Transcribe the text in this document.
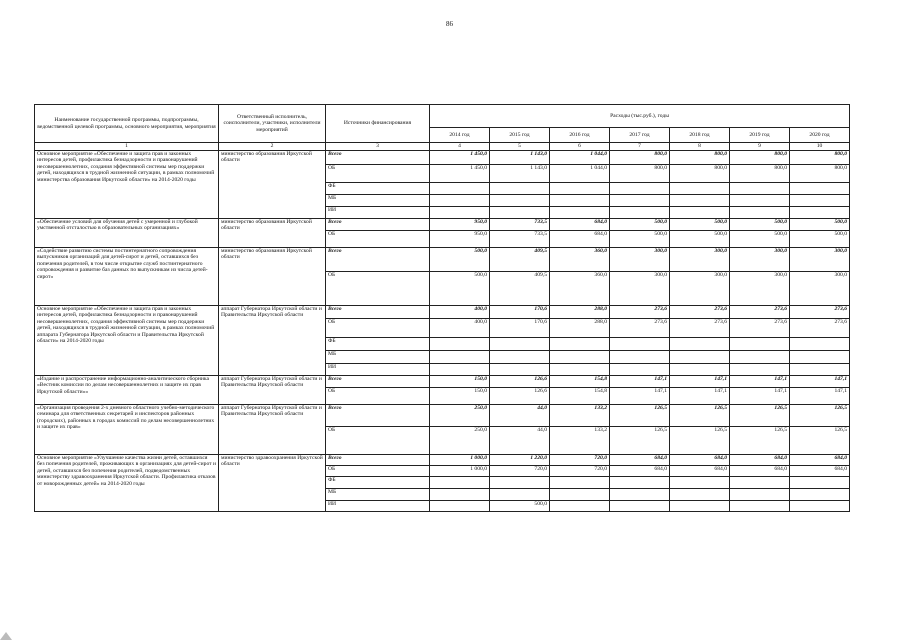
86
Наименование государственной программы, подпрограммы, ведомственной целевой программы, основного мероприятия, мероприятия	Ответственный исполнитель, соисполнители, участники, исполнители мероприятий	Источники финансирования	Расходы (тыс.руб.), годы						
			2014 год	2015 год	2016 год	2017 год	2018 год	2019 год	2020 год
1	2	3	4	5	6	7	8	9	10
Основное мероприятие «Обеспечение и защита прав и законных интересов детей, профилактика безнадзорности и правонарушений несовершеннолетних, создания эффективной системы мер поддержки детей, находящихся в трудной жизненной ситуации, в рамках полномочий министерства образования Иркутской области» на 2014-2020 годы	министерство образования Иркутской области	Всего	1 450,0	1 143,0	1 044,0	800,0	800,0	800,0	800,0
		ОБ	1 450,0	1 143,0	1 044,0	800,0	800,0	800,0	800,0
		ФБ							
		МБ							
		ИИ							
«Обеспечение условий для обучения детей с умеренной и глубокой умственной отсталостью в образовательных организациях»	министерство образования Иркутской области	Всего	950,0	733,5	684,0	500,0	500,0	500,0	500,0
		ОБ	950,0	733,5	684,0	500,0	500,0	500,0	500,0
«Содействие развитию системы постинтернатного сопровождения выпускников организаций для детей-сирот и детей, оставшихся без попечения родителей, в том числе открытие служб постинтернатного сопровождения и развитие баз данных по выпускникам из числа детей-сирот»	министерство образования Иркутской области	Всего	500,0	409,5	360,0	300,0	300,0	300,0	300,0
		ОБ	500,0	409,5	360,0	300,0	300,0	300,0	300,0
Основное мероприятие «Обеспечение и защита прав и законных интересов детей, профилактика безнадзорности и правонарушений несовершеннолетних, создания эффективной системы мер поддержки детей, находящихся в трудной жизненной ситуации, в рамках полномочий аппарата Губернатора Иркутской области и Правительства Иркутской области» на 2014-2020 годы	аппарат Губернатора Иркутской области и Правительства Иркутской области	Всего	400,0	170,6	288,0	273,6	273,6	273,6	273,6
		ОБ	400,0	170,6	288,0	273,6	273,6	273,6	273,6
		ФБ							
		МБ							
		ИИ							
«Издание и распространение информационно-аналитического сборника «Вестник комиссии по делам несовершеннолетних и защите их прав Иркутской области»»	аппарат Губернатора Иркутской области и Правительства Иркутской области	Всего	150,0	126,6	154,8	147,1	147,1	147,1	147,1
		ОБ	150,0	126,6	154,8	147,1	147,1	147,1	147,1
«Организация проведения 2-х дневного областного учебно-методического семинара для ответственных секретарей и инспекторов районных (городских), районных в городах комиссий по делам несовершеннолетних и защите их прав»	аппарат Губернатора Иркутской области и Правительства Иркутской области	Всего	250,0	44,0	133,2	126,5	126,5	126,5	126,5
		ОБ	250,0	44,0	133,2	126,5	126,5	126,5	126,5
Основное мероприятие «Улучшение качества жизни детей, оставшихся без попечения родителей, проживающих в организациях для детей-сирот и детей, оставшихся без попечения родителей, подведомственных министерству здравоохранения Иркутской области. Профилактика отказов от новорожденных детей» на 2014-2020 годы	министерство здравоохранения Иркутской области	Всего	1 000,0	1 220,0	720,0	684,0	684,0	684,0	684,0
		ОБ	1 000,0	720,0	720,0	684,0	684,0	684,0	684,0
		ФБ							
		МБ							
		ИИ		500,0					
